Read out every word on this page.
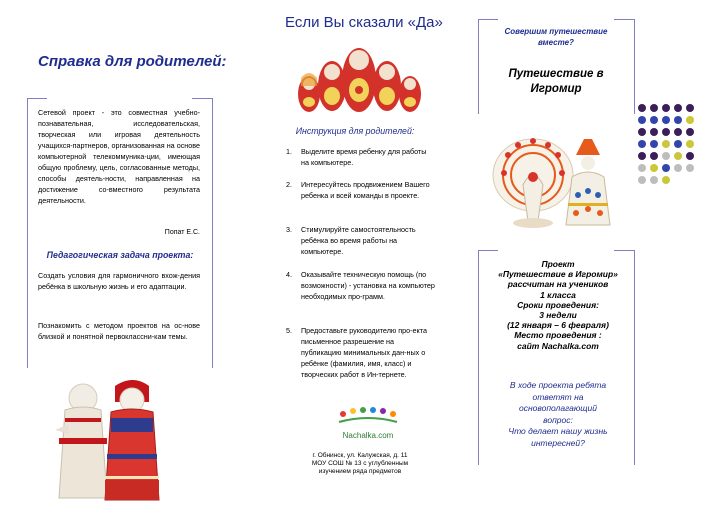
Справка для родителей:
Сетевой проект - это совместная учебно-познавательная, исследовательская, творческая или игровая деятельность учащихся-партнеров, организованная на основе компьютерной телекоммуника-ции, имеющая общую проблему, цель, согласованные методы, способы деятель-ности, направленная на достижение со-вместного результата деятельности.
Попат Е.С.
Педагогическая задача проекта:
Создать условия для гармоничного вхож-дения ребёнка в школьную жизнь и его адаптации.
Познакомить с методом проектов на ос-нове близкой и понятной первоклассни-кам темы.
Если Вы сказали «Да»
Инструкция для родителей:
1. Выделите время ребенку для работы на компьютере.
2. Интересуйтесь продвижением Вашего ребенка и всей команды в проекте.
3. Стимулируйте самостоятельность ребёнка во время работы на компьютере.
4. Оказывайте техническую помощь (по возможности) - установка на компьютер необходимых про-грамм.
5. Предоставьте руководителю про-екта письменное разрешение на публикацию минимальных дан-ных о ребёнке (фамилия, имя, класс) и творческих работ в Ин-тернете.
Nachalka.com
г. Обнинск, ул. Калужская, д. 11 МОУ СОШ № 13 с углубленным изучением ряда предметов
Совершим путешествие вместе?
Путешествие в Игромир
Проект
«Путешествие в Игромир»
рассчитан на учеников
1 класса
Сроки проведения:
3 недели
(12 января – 6 февраля)
Место проведения :
сайт Nachalka.com
В ходе проекта ребята
ответят на
основополагающий
вопрос:
Что делает нашу жизнь
интересней?
